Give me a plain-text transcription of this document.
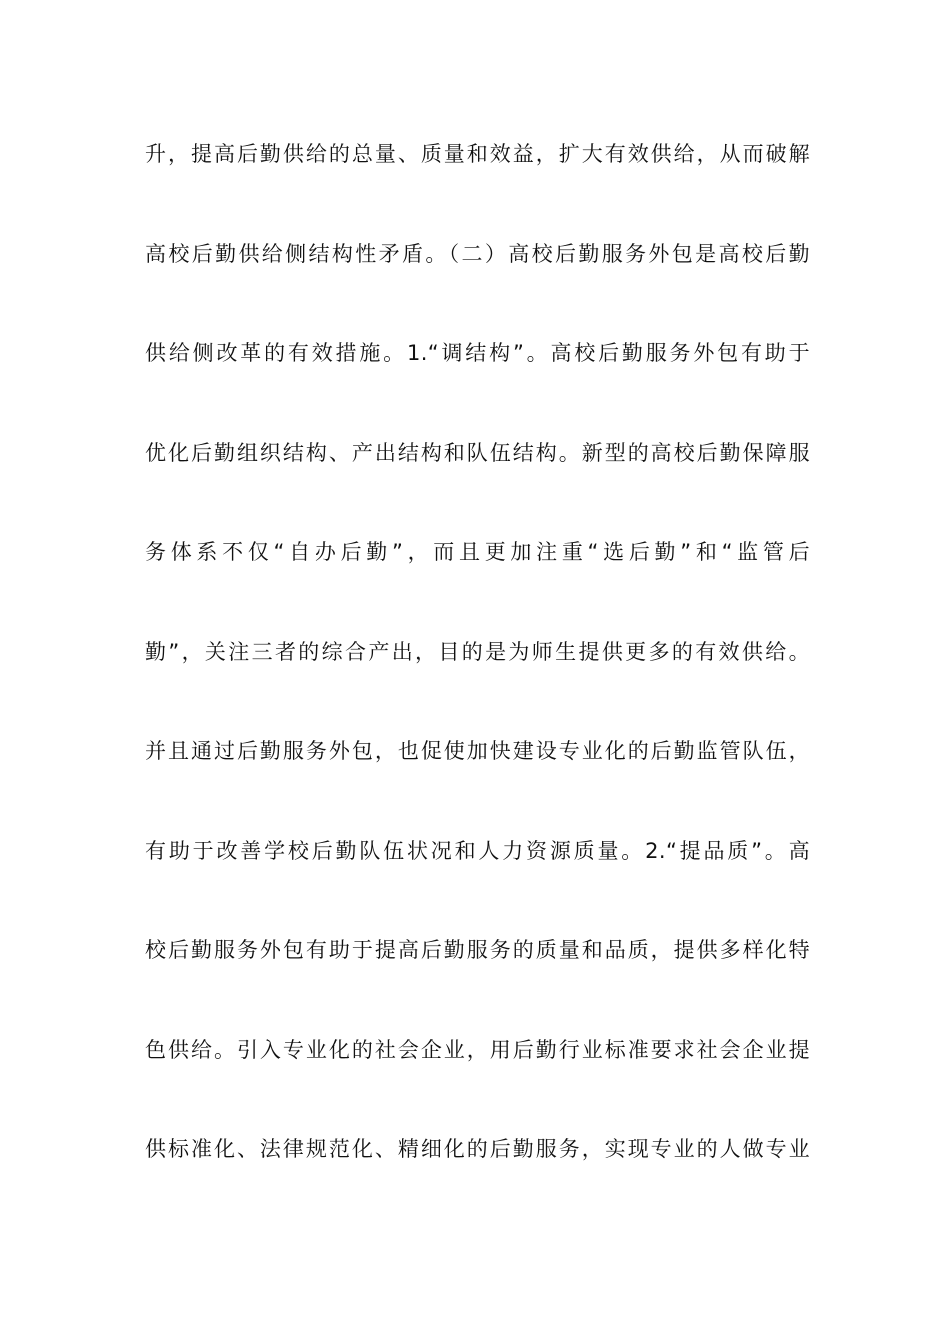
升，提高后勤供给的总量、质量和效益，扩大有效供给，从而破解
高校后勤供给侧结构性矛盾。（二）高校后勤服务外包是高校后勤
供给侧改革的有效措施。1.“调结构”。高校后勤服务外包有助于
优化后勤组织结构、产出结构和队伍结构。新型的高校后勤保障服
务体系不仅“自办后勤”，而且更加注重“选后勤”和“监管后
勤”，关注三者的综合产出，目的是为师生提供更多的有效供给。
并且通过后勤服务外包，也促使加快建设专业化的后勤监管队伍，
有助于改善学校后勤队伍状况和人力资源质量。2.“提品质”。高
校后勤服务外包有助于提高后勤服务的质量和品质，提供多样化特
色供给。引入专业化的社会企业，用后勤行业标准要求社会企业提
供标准化、法律规范化、精细化的后勤服务，实现专业的人做专业
